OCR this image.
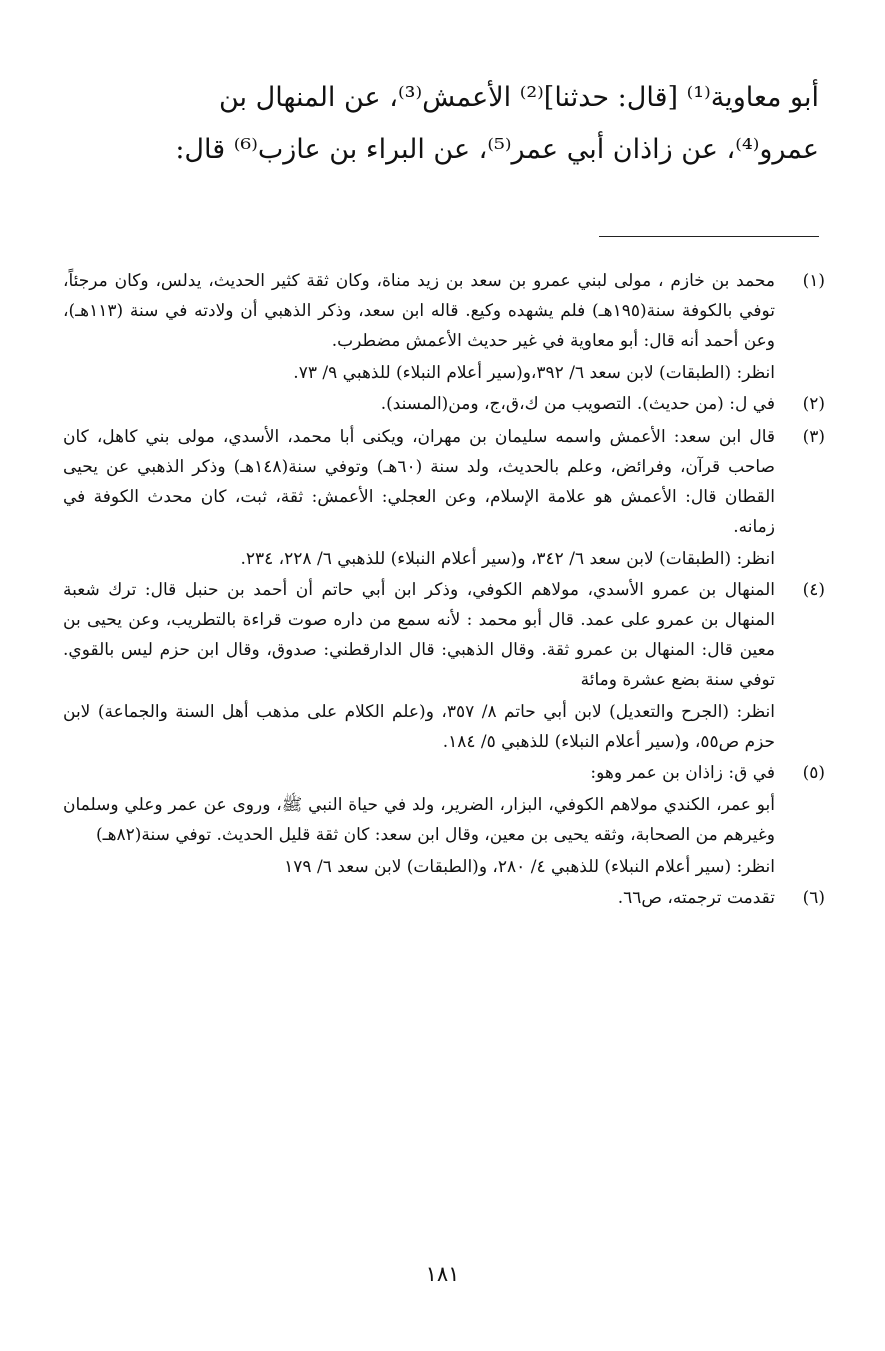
أبو معاوية⁽¹⁾ [قال: حدثنا]⁽²⁾ الأعمش⁽³⁾، عن المنهال بن
عمرو⁽⁴⁾، عن زاذان أبي عمر⁽⁵⁾، عن البراء بن عازب⁽⁶⁾ قال:
(١)
محمد بن خازم ، مولى لبني عمرو بن سعد بن زيد مناة، وكان ثقة كثير الحديث، يدلس، وكان مرجئاً، توفي بالكوفة سنة(١٩٥هـ) فلم يشهده وكيع. قاله ابن سعد، وذكر الذهبي أن ولادته في سنة (١١٣هـ)، وعن أحمد أنه قال: أبو معاوية في غير حديث الأعمش مضطرب.
انظر: (الطبقات) لابن سعد ٦/ ٣٩٢،و(سير أعلام النبلاء) للذهبي ٩/ ٧٣.
(٢)
في ل: (من حديث). التصويب من ك،ق،ج، ومن(المسند).
(٣)
قال ابن سعد: الأعمش واسمه سليمان بن مهران، ويكنى أبا محمد، الأسدي، مولى بني كاهل، كان صاحب قرآن، وفرائض، وعلم بالحديث، ولد سنة (٦٠هـ) وتوفي سنة(١٤٨هـ) وذكر الذهبي عن يحيى القطان قال: الأعمش هو علامة الإسلام، وعن العجلي: الأعمش: ثقة، ثبت، كان محدث الكوفة في زمانه.
انظر: (الطبقات) لابن سعد ٦/ ٣٤٢، و(سير أعلام النبلاء) للذهبي ٦/ ٢٢٨، ٢٣٤.
(٤)
المنهال بن عمرو الأسدي، مولاهم الكوفي، وذكر ابن أبي حاتم أن أحمد بن حنبل قال: ترك شعبة المنهال بن عمرو على عمد. قال أبو محمد : لأنه سمع من داره صوت قراءة بالتطريب، وعن يحيى بن معين قال: المنهال بن عمرو ثقة. وقال الذهبي: قال الدارقطني: صدوق، وقال ابن حزم ليس بالقوي. توفي سنة بضع عشرة ومائة
انظر: (الجرح والتعديل) لابن أبي حاتم ٨/ ٣٥٧، و(علم الكلام على مذهب أهل السنة والجماعة) لابن حزم ص٥٥، و(سير أعلام النبلاء) للذهبي ٥/ ١٨٤.
(٥)
في ق: زاذان بن عمر وهو:
أبو عمر، الكندي مولاهم الكوفي، البزار، الضرير، ولد في حياة النبي ﷺ، وروى عن عمر وعلي وسلمان وغيرهم من الصحابة، وثقه يحيى بن معين، وقال ابن سعد: كان ثقة قليل الحديث. توفي سنة(٨٢هـ)
انظر: (سير أعلام النبلاء) للذهبي ٤/ ٢٨٠، و(الطبقات) لابن سعد ٦/ ١٧٩
(٦)
تقدمت ترجمته، ص٦٦.
١٨١
